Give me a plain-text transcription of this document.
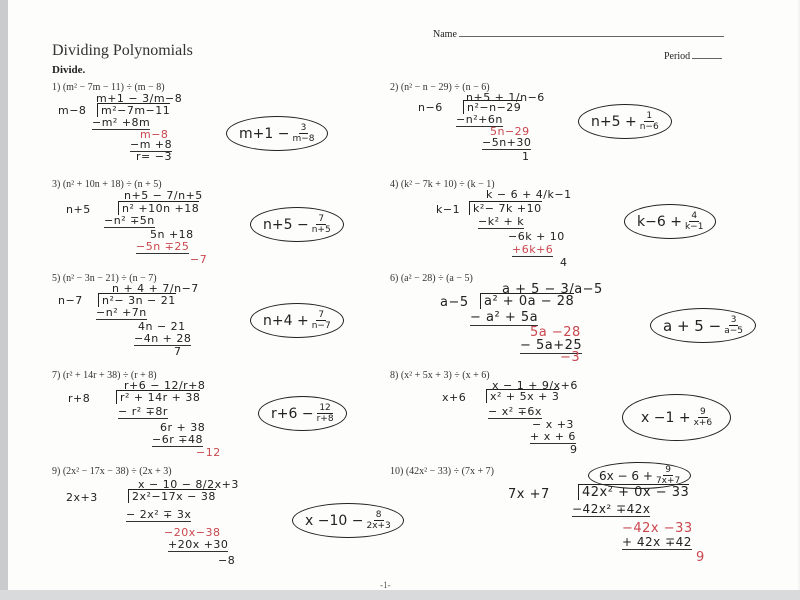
Name
Period
Dividing Polynomials
Divide.
1) (m² − 7m − 11) ÷ (m − 8)
m+1 − 3/m−8
m−8	m²−7m−11
−m² +8m
m−8
−m +8
r= −3
$m+1 - \frac{3}{m-8}$
2) (n² − n − 29) ÷ (n − 6)
n+5 + 1/n−6
n−6	n²−n−29
−n²+6n
5n−29
−5n+30
1
$n+5 + \frac{1}{n-6}$
3) (n² + 10n + 18) ÷ (n + 5)
n+5 − 7/n+5
n+5	n² +10n +18
−n² ∓5n
5n +18
−5n ∓25
−7
$n+5 - \frac{7}{n+5}$
4) (k² − 7k + 10) ÷ (k − 1)
k − 6 + 4/k−1
k−1	k²− 7k +10
−k² + k
−6k + 10
+6k+6
4
$k-6 + \frac{4}{k-1}$
5) (n² − 3n − 21) ÷ (n − 7)
n + 4 + 7/n−7
n−7	n²− 3n − 21
−n² +7n
4n − 21
−4n + 28
7
$n+4 + \frac{7}{n-7}$
6) (a² − 28) ÷ (a − 5)
a + 5 − 3/a−5
a−5	a² + 0a − 28
− a² + 5a
5a −28
− 5a+25
−3
$a + 5 - \frac{3}{a-5}$
7) (r² + 14r + 38) ÷ (r + 8)
r+6 − 12/r+8
r+8	r² + 14r + 38
− r² ∓8r
6r + 38
−6r ∓48
−12
$r+6 - \frac{12}{r+8}$
8) (x² + 5x + 3) ÷ (x + 6)
x − 1 + 9/x+6
x+6	x² + 5x + 3
− x² ∓6x
− x +3
+ x + 6
9
$x -1 + \frac{9}{x+6}$
9) (2x² − 17x − 38) ÷ (2x + 3)
x − 10 − 8/2x+3
2x+3	2x²−17x − 38
− 2x² ∓ 3x
−20x−38
+20x +30
−8
$x -10 - \frac{8}{2x+3}$
10) (42x² − 33) ÷ (7x + 7)	$6x - 6 + \frac{9}{7x+7}$
7x +7	42x² + 0x − 33
−42x² ∓42x
−42x −33
+ 42x ∓42
9
-1-
